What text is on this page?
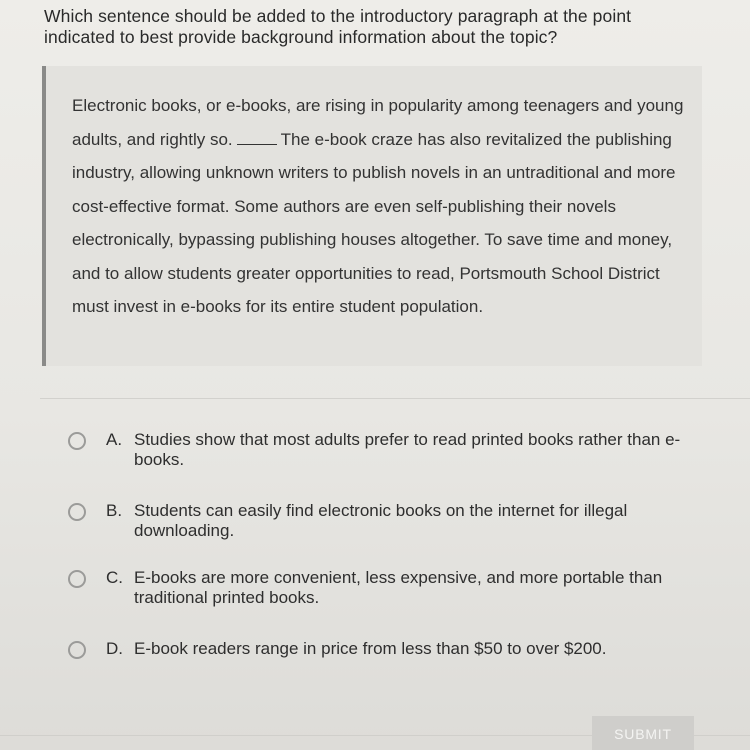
Which sentence should be added to the introductory paragraph at the point
indicated to best provide background information about the topic?
Electronic books, or e-books, are rising in popularity among teenagers and young adults, and rightly so.	The e-book craze has also revitalized the publishing industry, allowing unknown writers to publish novels in an untraditional and more cost-effective format. Some authors are even self-publishing their novels electronically, bypassing publishing houses altogether. To save time and money, and to allow students greater opportunities to read, Portsmouth School District must invest in e-books for its entire student population.
A. Studies show that most adults prefer to read printed books rather than e-books.
B. Students can easily find electronic books on the internet for illegal downloading.
C. E-books are more convenient, less expensive, and more portable than traditional printed books.
D. E-book readers range in price from less than $50 to over $200.
SUBMIT
